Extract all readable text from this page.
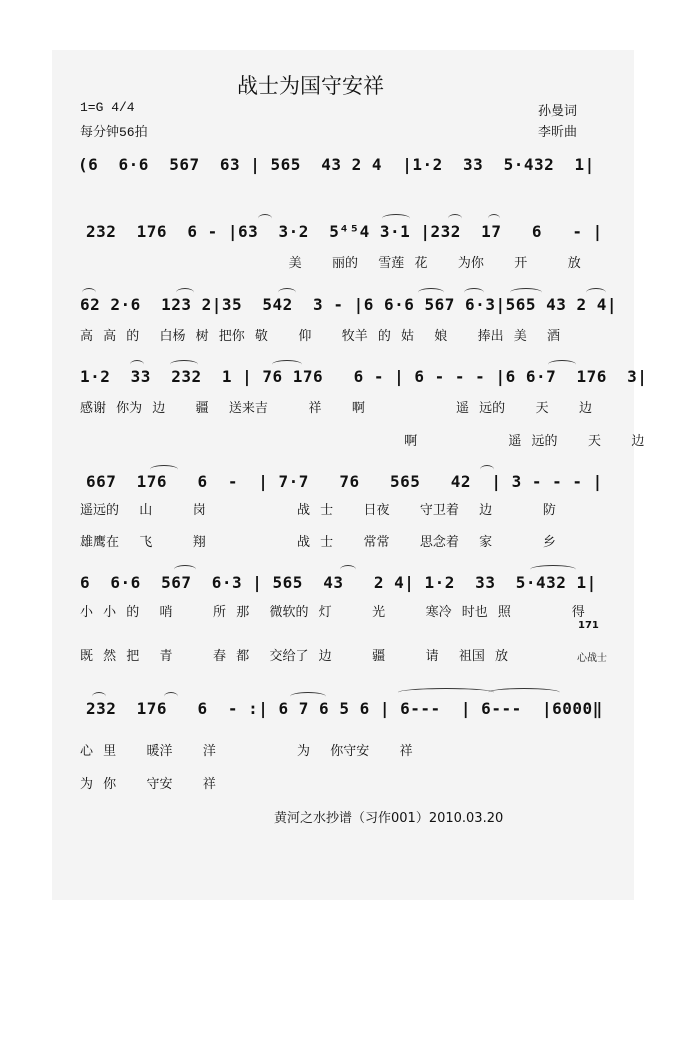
战士为国守安祥
1=G 4/4
每分钟56拍
孙曼词
李昕曲
(6  6·6  567  63 | 565  43 2 4  |1·2  33  5·432  1|
232  176  6 - |63  3·2  5⁴⁵4 3·1 |232  17   6   - |
美   丽的  雪莲 花   为你   开    放
62 2·6  123 2|35  542  3 - |6 6·6 567 6·3|565 43 2 4|
高 高 的  白杨 树 把你 敬   仰   牧羊 的 姑  娘   捧出 美  酒
1·2  33  232  1 | 76 176   6 - | 6 - - - |6 6·7  176  3|
感谢 你为 边   疆  送来吉    祥   啊         遥 远的   天   边
啊         遥 远的   天   边
667  176   6  -  | 7·7   76   565   42  | 3 - - - |
遥远的  山    岗         战 士   日夜   守卫着  边     防
雄鹰在  飞    翔         战 士   常常   思念着  家     乡
6  6·6  567  6·3 | 565  43   2 4| 1·2  33  5·432 1|
小 小 的  哨    所 那  微软的 灯    光    寒冷 时也 照      得
既 然 把  青    春 都  交给了 边    疆    请  祖国 放
171
心战士
232  176   6  - :| 6 7 6 5 6 | 6---  | 6---  |6000‖
心 里   暖洋   洋        为  你守安   祥
为 你   守安   祥
黄河之水抄谱（习作001）2010.03.20
